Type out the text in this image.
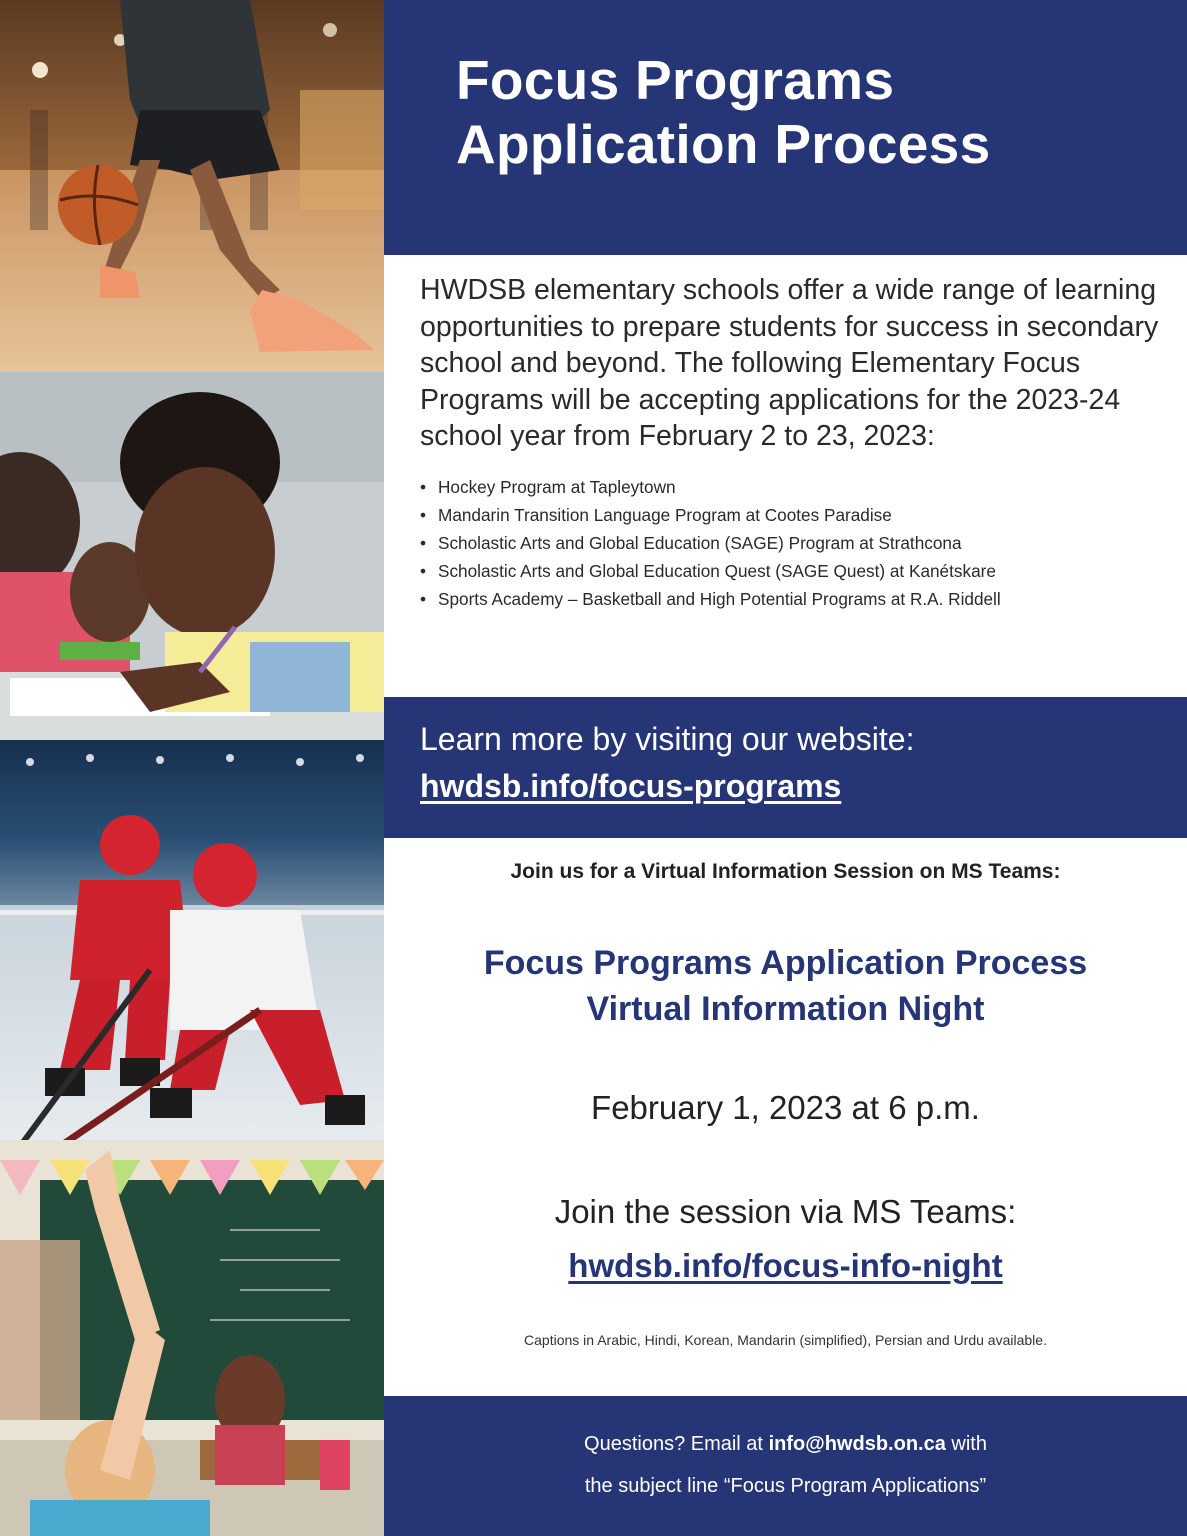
Focus Programs
Application Process

HWDSB elementary schools offer a wide range of learning opportunities to prepare students for success in secondary school and beyond. The following Elementary Focus Programs will be accepting applications for the 2023-24 school year from February 2 to 23, 2023:

• Hockey Program at Tapleytown
• Mandarin Transition Language Program at Cootes Paradise
• Scholastic Arts and Global Education (SAGE) Program at Strathcona
• Scholastic Arts and Global Education Quest (SAGE Quest) at Kanétskare
• Sports Academy – Basketball and High Potential Programs at R.A. Riddell
Learn more by visiting our website:
hwdsb.info/focus-programs
Join us for a Virtual Information Session on MS Teams:
Focus Programs Application Process
Virtual Information Night
February 1, 2023 at 6 p.m.
Join the session via MS Teams:
hwdsb.info/focus-info-night
Captions in Arabic, Hindi, Korean, Mandarin (simplified), Persian and Urdu available.
Questions? Email at info@hwdsb.on.ca with
the subject line “Focus Program Applications”
